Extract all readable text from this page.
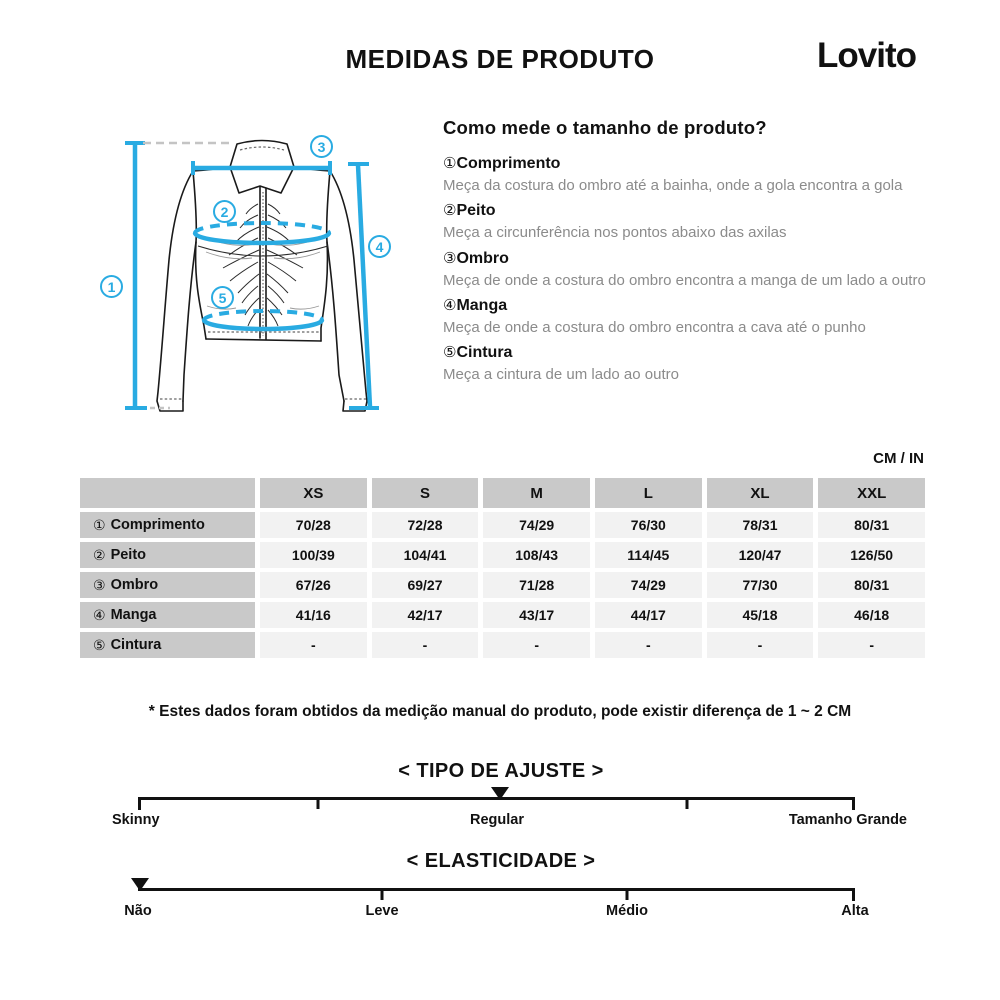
MEDIDAS DE PRODUTO	Lovito
1
2
3
4
5
Como mede o tamanho de produto?
①Comprimento

Meça da costura do ombro até a bainha, onde a gola encontra a gola

②Peito

Meça a circunferência nos pontos abaixo das axilas

③Ombro

Meça de onde a costura do ombro encontra a manga de um lado a outro

④Manga

Meça de onde a costura do ombro encontra a cava até o punho

⑤Cintura

Meça a cintura de um lado ao outro

CM / IN
XS	S	M	L	XL	XXL
① Comprimento	70/28	72/28	74/29	76/30	78/31	80/31
② Peito	100/39	104/41	108/43	114/45	120/47	126/50
③ Ombro	67/26	69/27	71/28	74/29	77/30	80/31
④ Manga	41/16	42/17	43/17	44/17	45/18	46/18
⑤ Cintura	-	-	-	-	-	-
* Estes dados foram obtidos da medição manual do produto, pode existir diferença de 1 ~ 2 CM
< TIPO DE AJUSTE >
Skinny	Regular	Tamanho Grande
< ELASTICIDADE >
Não	Leve	Médio	Alta
